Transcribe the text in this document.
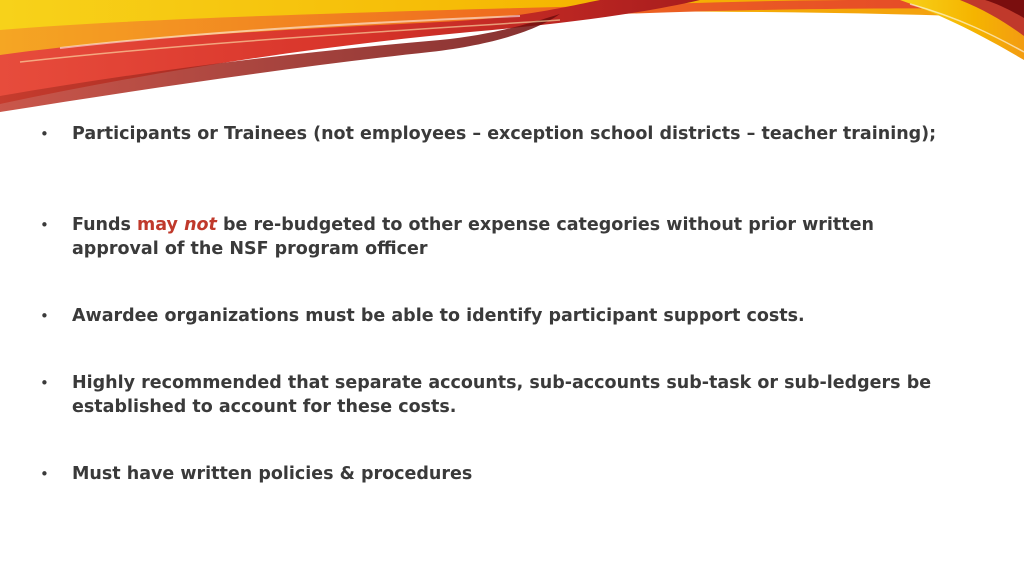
• Participants or Trainees (not employees – exception school districts – teacher training);
• Funds may not be re-budgeted to other expense categories without prior written approval of the NSF program officer
• Awardee organizations must be able to identify participant support costs.
• Highly recommended that separate accounts, sub-accounts sub-task or sub-ledgers be established to account for these costs.
• Must have written policies & procedures
